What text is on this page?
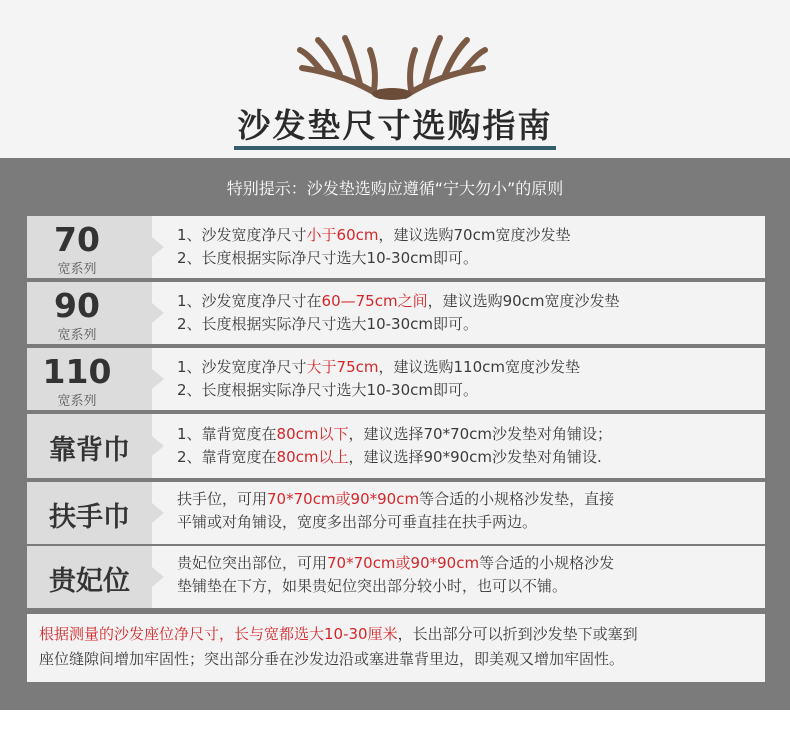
沙发垫尺寸选购指南
特别提示：沙发垫选购应遵循“宁大勿小”的原则
70
宽系列
1、沙发宽度净尺寸小于60cm，建议选购70cm宽度沙发垫
2、长度根据实际净尺寸选大10-30cm即可。
90
宽系列
1、沙发宽度净尺寸在60—75cm之间，建议选购90cm宽度沙发垫
2、长度根据实际净尺寸选大10-30cm即可。
110
宽系列
1、沙发宽度净尺寸大于75cm，建议选购110cm宽度沙发垫
2、长度根据实际净尺寸选大10-30cm即可。
靠背巾
1、靠背宽度在80cm以下，建议选择70*70cm沙发垫对角铺设；
2、靠背宽度在80cm以上，建议选择90*90cm沙发垫对角铺设.
扶手巾
扶手位，可用70*70cm或90*90cm等合适的小规格沙发垫，直接
平铺或对角铺设，宽度多出部分可垂直挂在扶手两边。
贵妃位
贵妃位突出部位，可用70*70cm或90*90cm等合适的小规格沙发
垫铺垫在下方，如果贵妃位突出部分较小时，也可以不铺。
根据测量的沙发座位净尺寸，长与宽都选大10-30厘米，长出部分可以折到沙发垫下或塞到
座位缝隙间增加牢固性；突出部分垂在沙发边沿或塞进靠背里边，即美观又增加牢固性。
